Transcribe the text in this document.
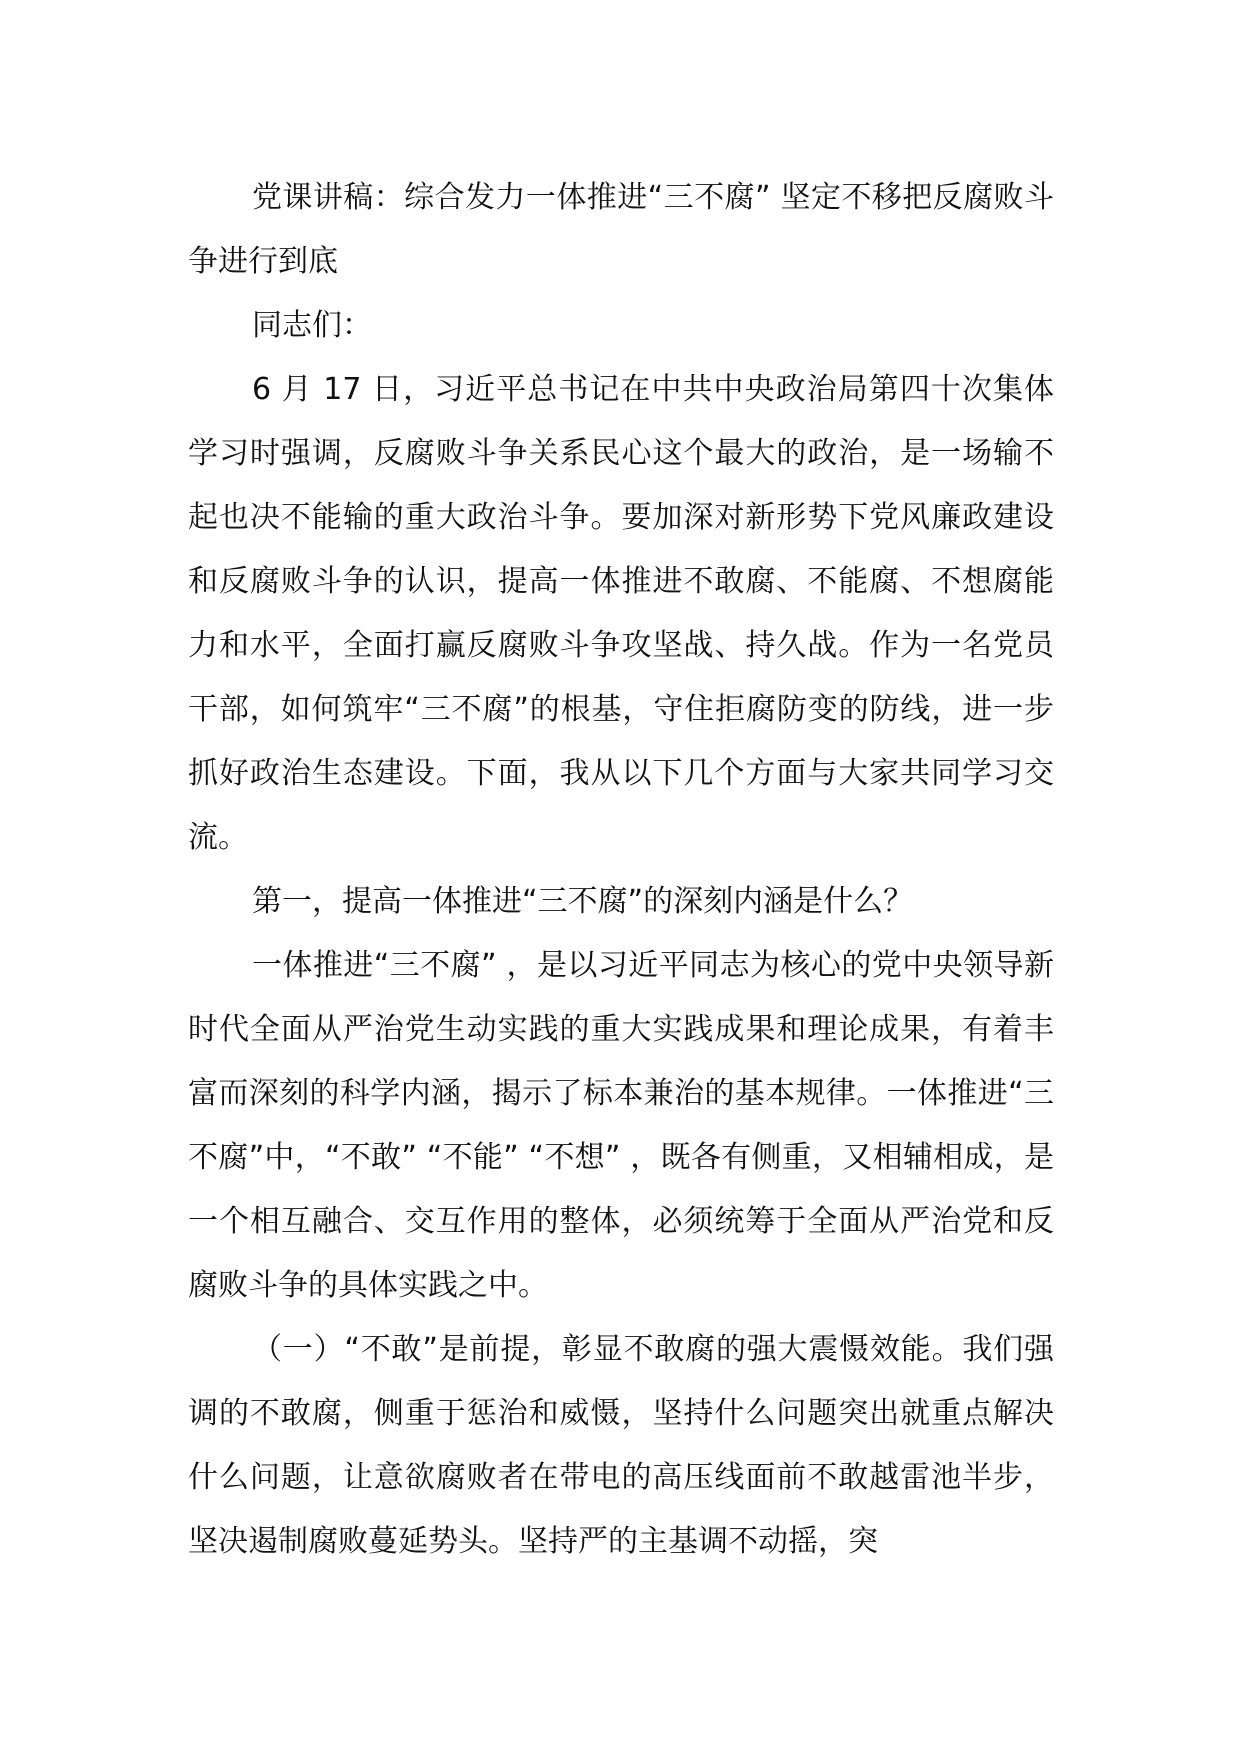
党课讲稿：综合发力一体推进“三不腐” 坚定不移把反腐败斗争进行到底

同志们：

6 月 17 日，习近平总书记在中共中央政治局第四十次集体学习时强调，反腐败斗争关系民心这个最大的政治，是一场输不起也决不能输的重大政治斗争。要加深对新形势下党风廉政建设和反腐败斗争的认识，提高一体推进不敢腐、不能腐、不想腐能力和水平，全面打赢反腐败斗争攻坚战、持久战。作为一名党员干部，如何筑牢“三不腐”的根基，守住拒腐防变的防线，进一步抓好政治生态建设。下面，我从以下几个方面与大家共同学习交流。

第一，提高一体推进“三不腐”的深刻内涵是什么？

一体推进“三不腐” ，是以习近平同志为核心的党中央领导新时代全面从严治党生动实践的重大实践成果和理论成果，有着丰富而深刻的科学内涵，揭示了标本兼治的基本规律。一体推进“三不腐”中，“不敢” “不能” “不想” ，既各有侧重，又相辅相成，是一个相互融合、交互作用的整体，必须统筹于全面从严治党和反腐败斗争的具体实践之中。

（一）“不敢”是前提，彰显不敢腐的强大震慑效能。我们强调的不敢腐，侧重于惩治和威慑，坚持什么问题突出就重点解决什么问题，让意欲腐败者在带电的高压线面前不敢越雷池半步，坚决遏制腐败蔓延势头。坚持严的主基调不动摇，突
